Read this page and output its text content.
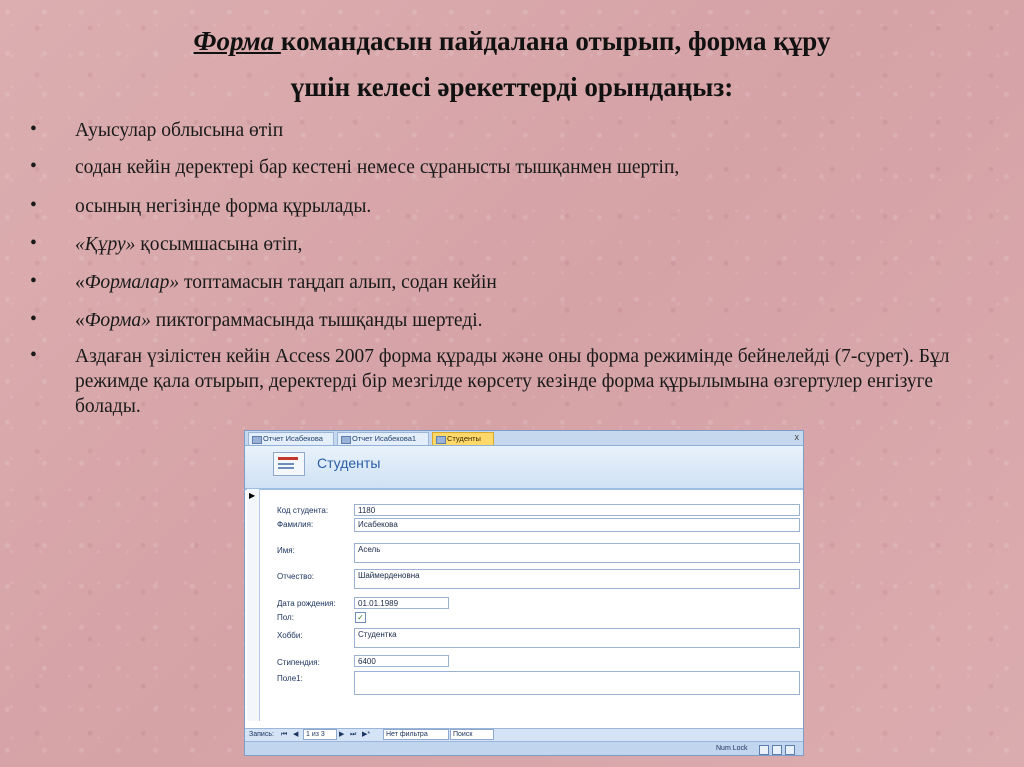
Форма командасын пайдалана отырып, форма құру
үшін келесі әрекеттерді орындаңыз:
• Ауысулар облысына өтіп
• содан кейін деректері бар кестені немесе сұранысты тышқанмен шертіп,
• осының негізінде форма құрылады.
• «Құру» қосымшасына өтіп,
• «Формалар» топтамасын таңдап алып, содан кейін
• «Форма» пиктограммасында тышқанды шертеді.
• Аздаған үзілістен кейін Access 2007 форма құрады және оны форма режимінде бейнелейді (7-сурет). Бұл режимде қала отырып, деректерді бір мезгілде көрсету кезінде форма құрылымына өзгертулер енгізуге болады.
Отчет Исабекова	Отчет Исабекова1	Студенты	x
Студенты
▶
Код студента:	1180
Фамилия:	Исабекова
Имя:	Асель
Отчество:	Шаймерденовна
Дата рождения:	01.01.1989
Пол:	✓
Хобби:	Студентка
Стипендия:	6400
Поле1:
Запись: ⏮ ◀	1 из 3	▶ ⏭ ▶*	Нет фильтра	Поиск
Num Lock
